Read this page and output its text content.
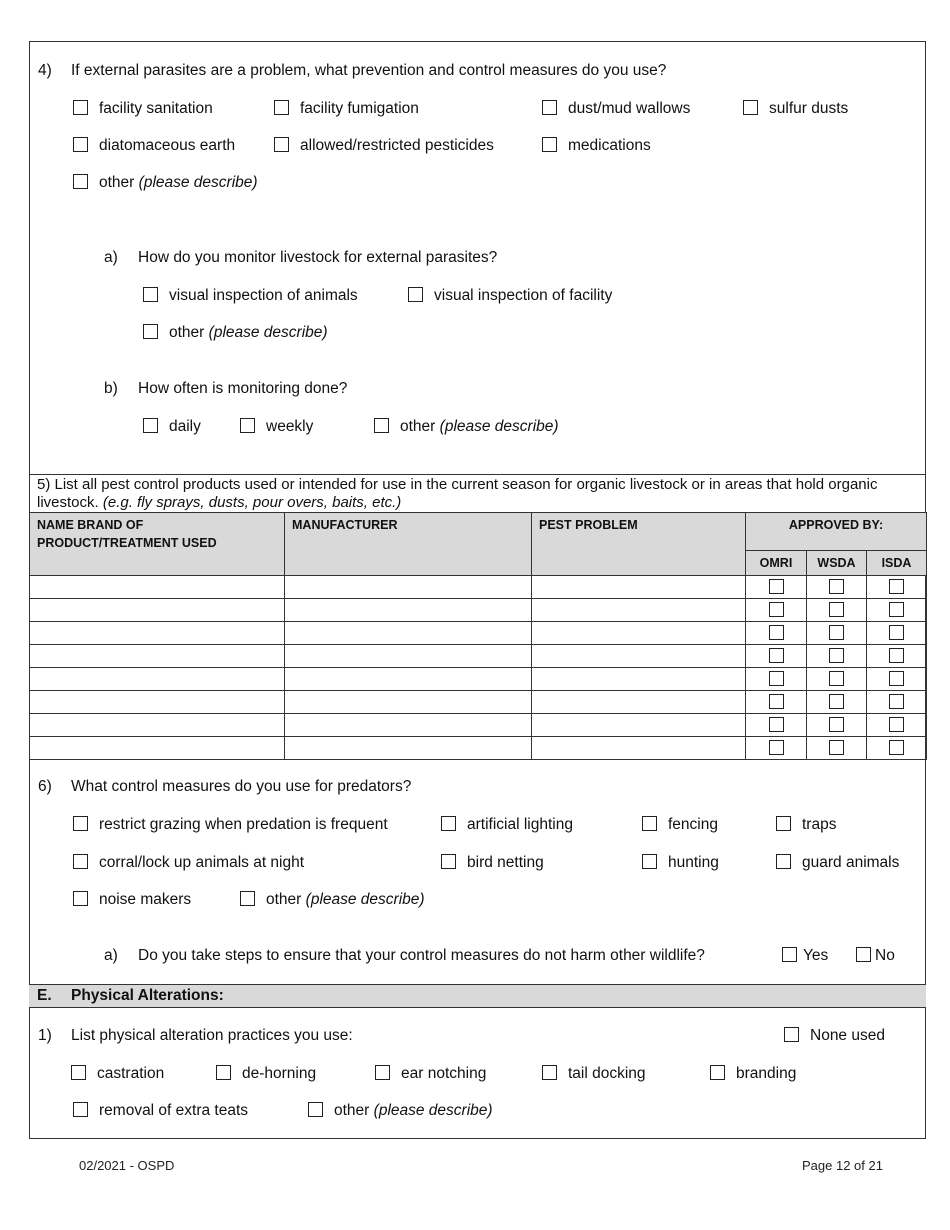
4) If external parasites are a problem, what prevention and control measures do you use?
facility sanitation	facility fumigation	dust/mud wallows	sulfur dusts
diatomaceous earth	allowed/restricted pesticides	medications
other (please describe)
a) How do you monitor livestock for external parasites?
visual inspection of animals	visual inspection of facility
other (please describe)
b) How often is monitoring done?
daily	weekly	other (please describe)
5) List all pest control products used or intended for use in the current season for organic livestock or in areas that hold organic livestock. (e.g. fly sprays, dusts, pour overs, baits, etc.)
NAME BRAND OF
PRODUCT/TREATMENT USED	MANUFACTURER	PEST PROBLEM	APPROVED BY:		
			OMRI	WSDA	ISDA

6) What control measures do you use for predators?
restrict grazing when predation is frequent	artificial lighting	fencing	traps
corral/lock up animals at night	bird netting	hunting	guard animals
noise makers	other (please describe)
a) Do you take steps to ensure that your control measures do not harm other wildlife?	Yes	No
E. Physical Alterations:
1) List physical alteration practices you use:	None used
castration	de-horning	ear notching	tail docking	branding
removal of extra teats	other (please describe)
02/2021 - OSPD	Page 12 of 21
